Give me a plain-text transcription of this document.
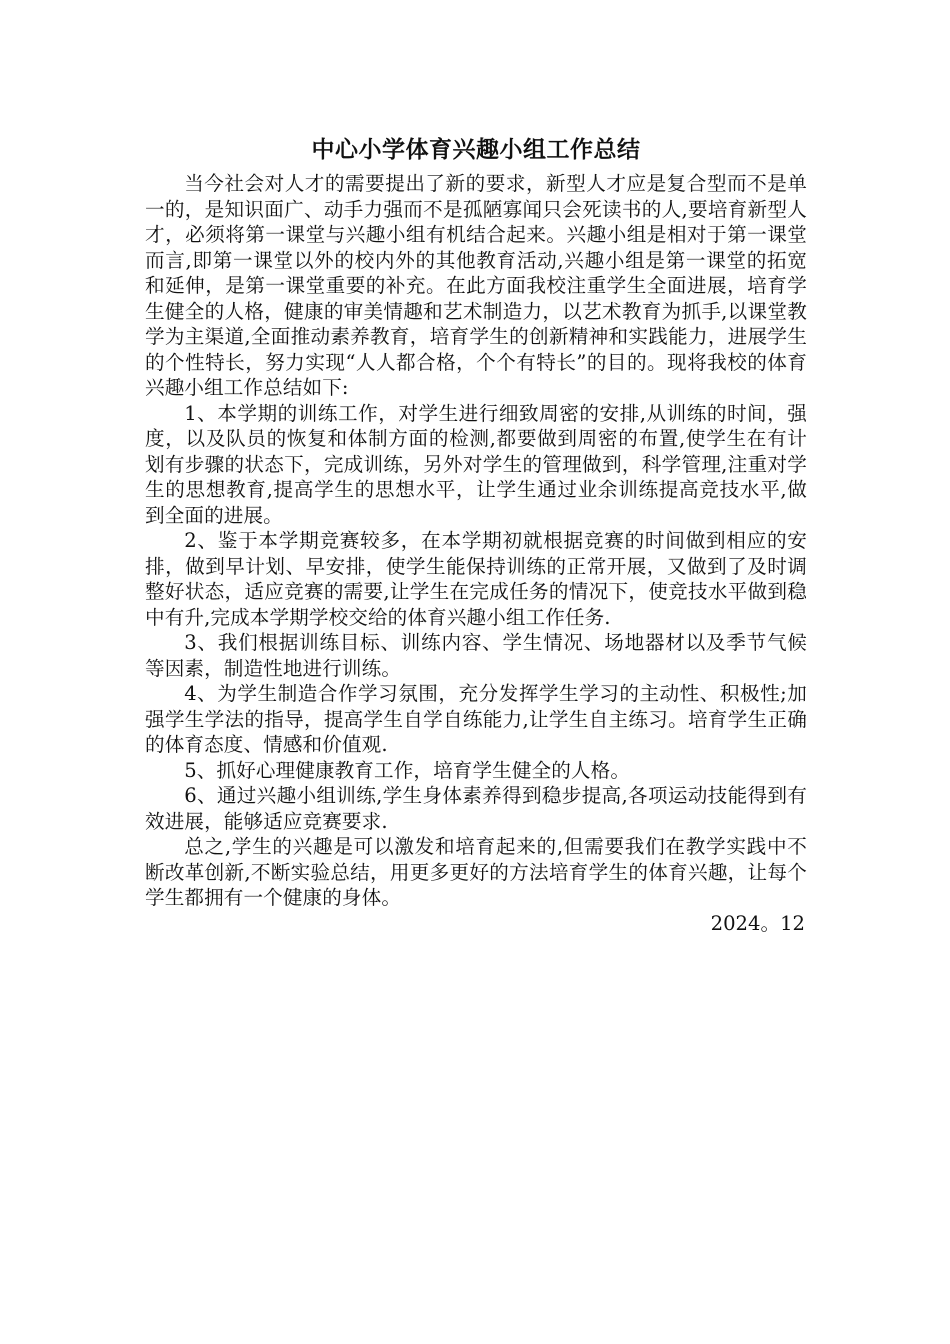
中心小学体育兴趣小组工作总结

当今社会对人才的需要提出了新的要求，新型人才应是复合型而不是单一的，是知识面广、动手力强而不是孤陋寡闻只会死读书的人,要培育新型人才，必须将第一课堂与兴趣小组有机结合起来。兴趣小组是相对于第一课堂而言,即第一课堂以外的校内外的其他教育活动,兴趣小组是第一课堂的拓宽和延伸，是第一课堂重要的补充。在此方面我校注重学生全面进展，培育学生健全的人格，健康的审美情趣和艺术制造力，以艺术教育为抓手,以课堂教学为主渠道,全面推动素养教育，培育学生的创新精神和实践能力，进展学生的个性特长，努力实现“人人都合格，个个有特长”的目的。现将我校的体育兴趣小组工作总结如下:

1、本学期的训练工作，对学生进行细致周密的安排,从训练的时间，强度，以及队员的恢复和体制方面的检测,都要做到周密的布置,使学生在有计划有步骤的状态下，完成训练，另外对学生的管理做到，科学管理,注重对学生的思想教育,提高学生的思想水平，让学生通过业余训练提高竞技水平,做到全面的进展。

2、鉴于本学期竞赛较多，在本学期初就根据竞赛的时间做到相应的安排，做到早计划、早安排，使学生能保持训练的正常开展，又做到了及时调整好状态，适应竞赛的需要,让学生在完成任务的情况下，使竞技水平做到稳中有升,完成本学期学校交给的体育兴趣小组工作任务.

3、我们根据训练目标、训练内容、学生情况、场地器材以及季节气候等因素，制造性地进行训练。

4、为学生制造合作学习氛围，充分发挥学生学习的主动性、积极性;加强学生学法的指导，提高学生自学自练能力,让学生自主练习。培育学生正确的体育态度、情感和价值观.

5、抓好心理健康教育工作，培育学生健全的人格。

6、通过兴趣小组训练,学生身体素养得到稳步提高,各项运动技能得到有效进展，能够适应竞赛要求.

总之,学生的兴趣是可以激发和培育起来的,但需要我们在教学实践中不断改革创新,不断实验总结，用更多更好的方法培育学生的体育兴趣，让每个学生都拥有一个健康的身体。

2024。12
